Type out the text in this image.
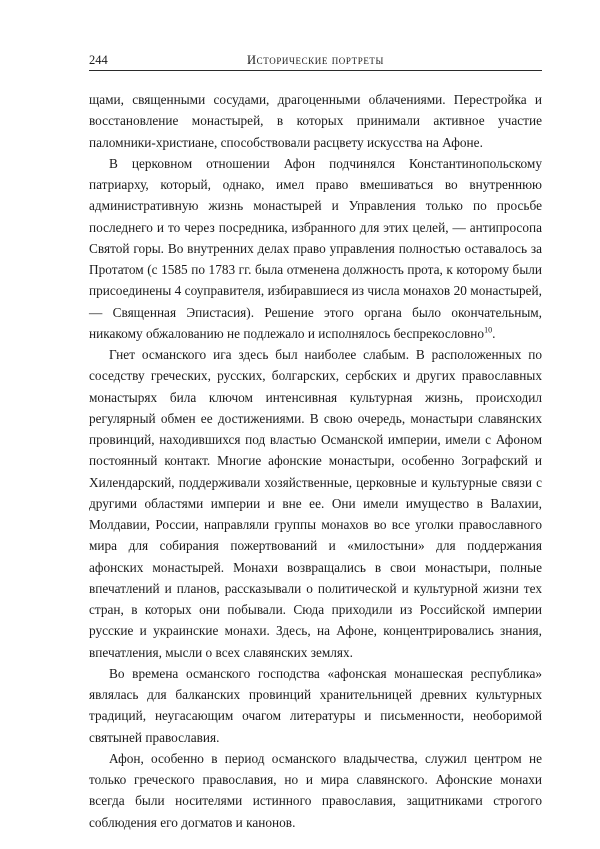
244	Исторические портреты

щами, священными сосудами, драгоценными облачениями. Перестройка и восстановление монастырей, в которых принимали активное участие паломники-христиане, способствовали расцвету искусства на Афоне.

В церковном отношении Афон подчинялся Константинопольскому патриарху, который, однако, имел право вмешиваться во внутреннюю административную жизнь монастырей и Управления только по просьбе последнего и то через посредника, избранного для этих целей, — антипросопа Святой горы. Во внутренних делах право управления полностью оставалось за Протатом (с 1585 по 1783 гг. была отменена должность прота, к которому были присоединены 4 соуправителя, избиравшиеся из числа монахов 20 монастырей, — Священная Эпистасия). Решение этого органа было окончательным, никакому обжалованию не подлежало и исполнялось беспрекословно$^{10}$.

Гнет османского ига здесь был наиболее слабым. В расположенных по соседству греческих, русских, болгарских, сербских и других православных монастырях била ключом интенсивная культурная жизнь, происходил регулярный обмен ее достижениями. В свою очередь, монастыри славянских провинций, находившихся под властью Османской империи, имели с Афоном постоянный контакт. Многие афонские монастыри, особенно Зографский и Хилендарский, поддерживали хозяйственные, церковные и культурные связи с другими областями империи и вне ее. Они имели имущество в Валахии, Молдавии, России, направляли группы монахов во все уголки православного мира для собирания пожертвований и «милостыни» для поддержания афонских монастырей. Монахи возвращались в свои монастыри, полные впечатлений и планов, рассказывали о политической и культурной жизни тех стран, в которых они побывали. Сюда приходили из Российской империи русские и украинские монахи. Здесь, на Афоне, концентрировались знания, впечатления, мысли о всех славянских землях.

Во времена османского господства «афонская монашеская республика» являлась для балканских провинций хранительницей древних культурных традиций, неугасающим очагом литературы и письменности, необоримой святыней православия.

Афон, особенно в период османского владычества, служил центром не только греческого православия, но и мира славянского. Афонские монахи всегда были носителями истинного православия, защитниками строгого соблюдения его догматов и канонов.
